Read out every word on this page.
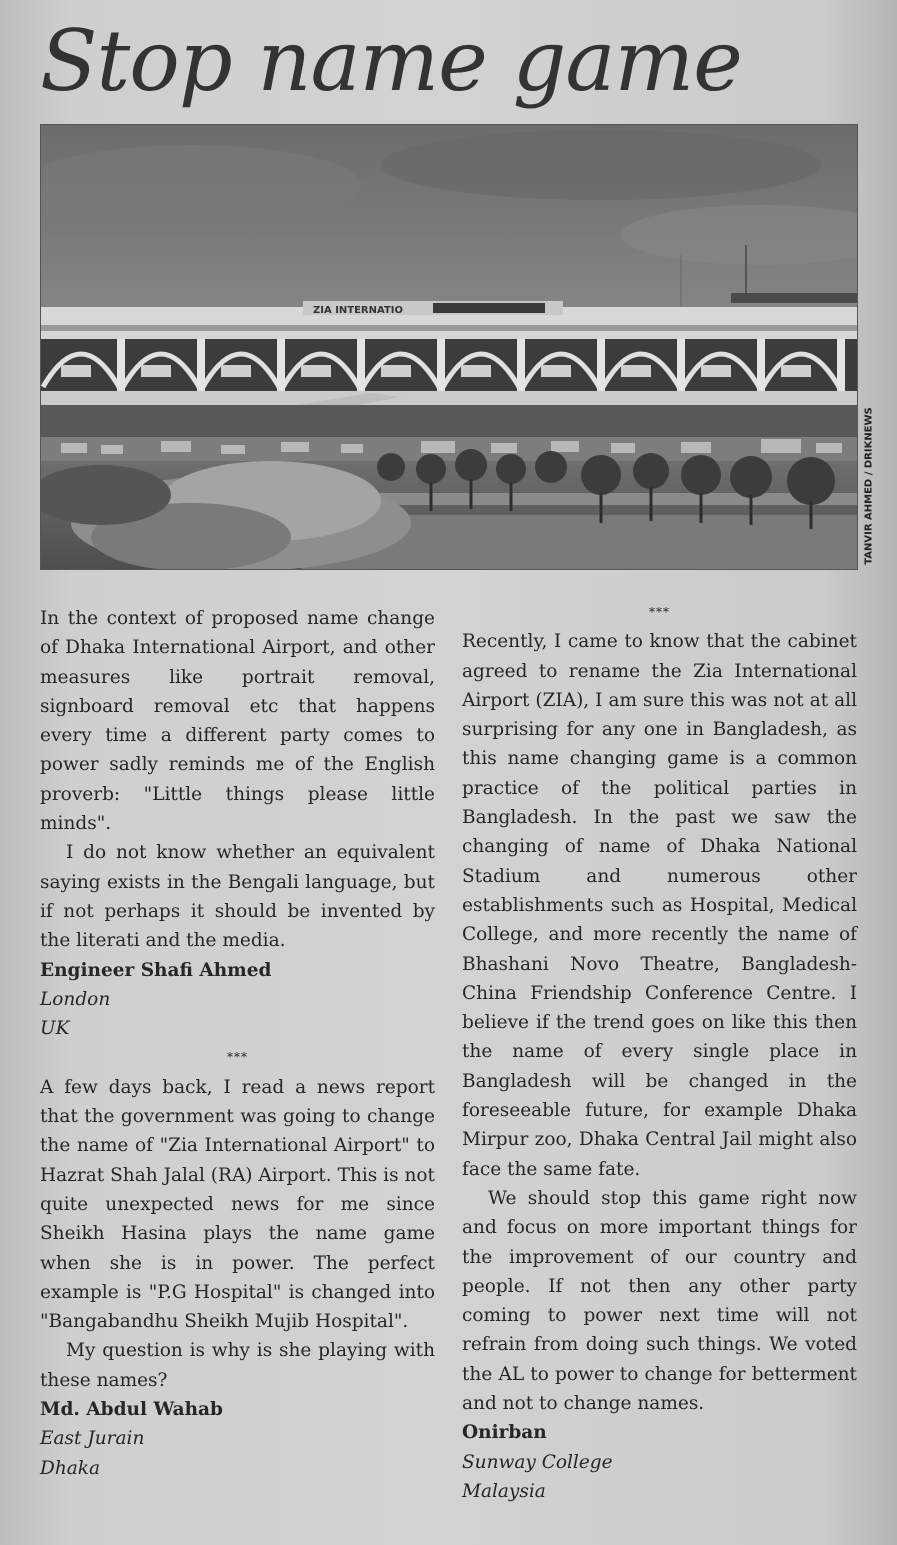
Stop name game
ZIA INTERNATIO
TANVIR AHMED / DRIKNEWS

In the context of proposed name change of Dhaka International Airport, and other measures like portrait removal, signboard removal etc that happens every time a different party comes to power sadly reminds me of the English proverb: "Little things please little minds".

I do not know whether an equivalent saying exists in the Bengali language, but if not perhaps it should be invented by the literati and the media.

Engineer Shafi Ahmed
London
UK
***

A few days back, I read a news report that the government was going to change the name of "Zia International Airport" to Hazrat Shah Jalal (RA) Airport. This is not quite unexpected news for me since Sheikh Hasina plays the name game when she is in power. The perfect example is "P.G Hospital" is changed into "Bangabandhu Sheikh Mujib Hospital".

My question is why is she playing with these names?

Md. Abdul Wahab
East Jurain
Dhaka
***

Recently, I came to know that the cabinet agreed to rename the Zia International Airport (ZIA), I am sure this was not at all surprising for any one in Bangladesh, as this name changing game is a common practice of the political parties in Bangladesh. In the past we saw the changing of name of Dhaka National Stadium and numerous other establishments such as Hospital, Medical College, and more recently the name of Bhashani Novo Theatre, Bangladesh-China Friendship Conference Centre. I believe if the trend goes on like this then the name of every single place in Bangladesh will be changed in the foreseeable future, for example Dhaka Mirpur zoo, Dhaka Central Jail might also face the same fate.

We should stop this game right now and focus on more important things for the improvement of our country and people. If not then any other party coming to power next time will not refrain from doing such things. We voted the AL to power to change for betterment and not to change names.

Onirban
Sunway College
Malaysia
